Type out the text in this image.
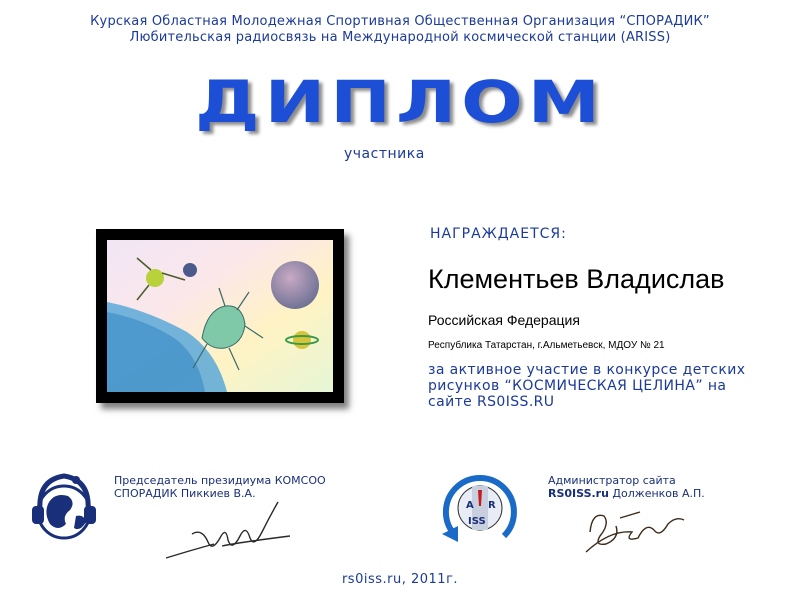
Курская Областная Молодежная Спортивная Общественная Организация “СПОРАДИК”
Любительская радиосвязь на Международной космической станции (ARISS)
ДИПЛОМ
участника
НАГРАЖДАЕТСЯ:
Клементьев Владислав
Российская Федерация
Республика Татарстан, г.Альметьевск, МДОУ № 21
за активное участие в конкурсе детских рисунков “КОСМИЧЕСКАЯ ЦЕЛИНА” на сайте RS0ISS.RU
Председатель президиума КОМСОО
СПОРАДИК Пиккиев В.А.
A R
ISS
Администратор сайта
RS0ISS.ru Долженков А.П.
rs0iss.ru, 2011г.
